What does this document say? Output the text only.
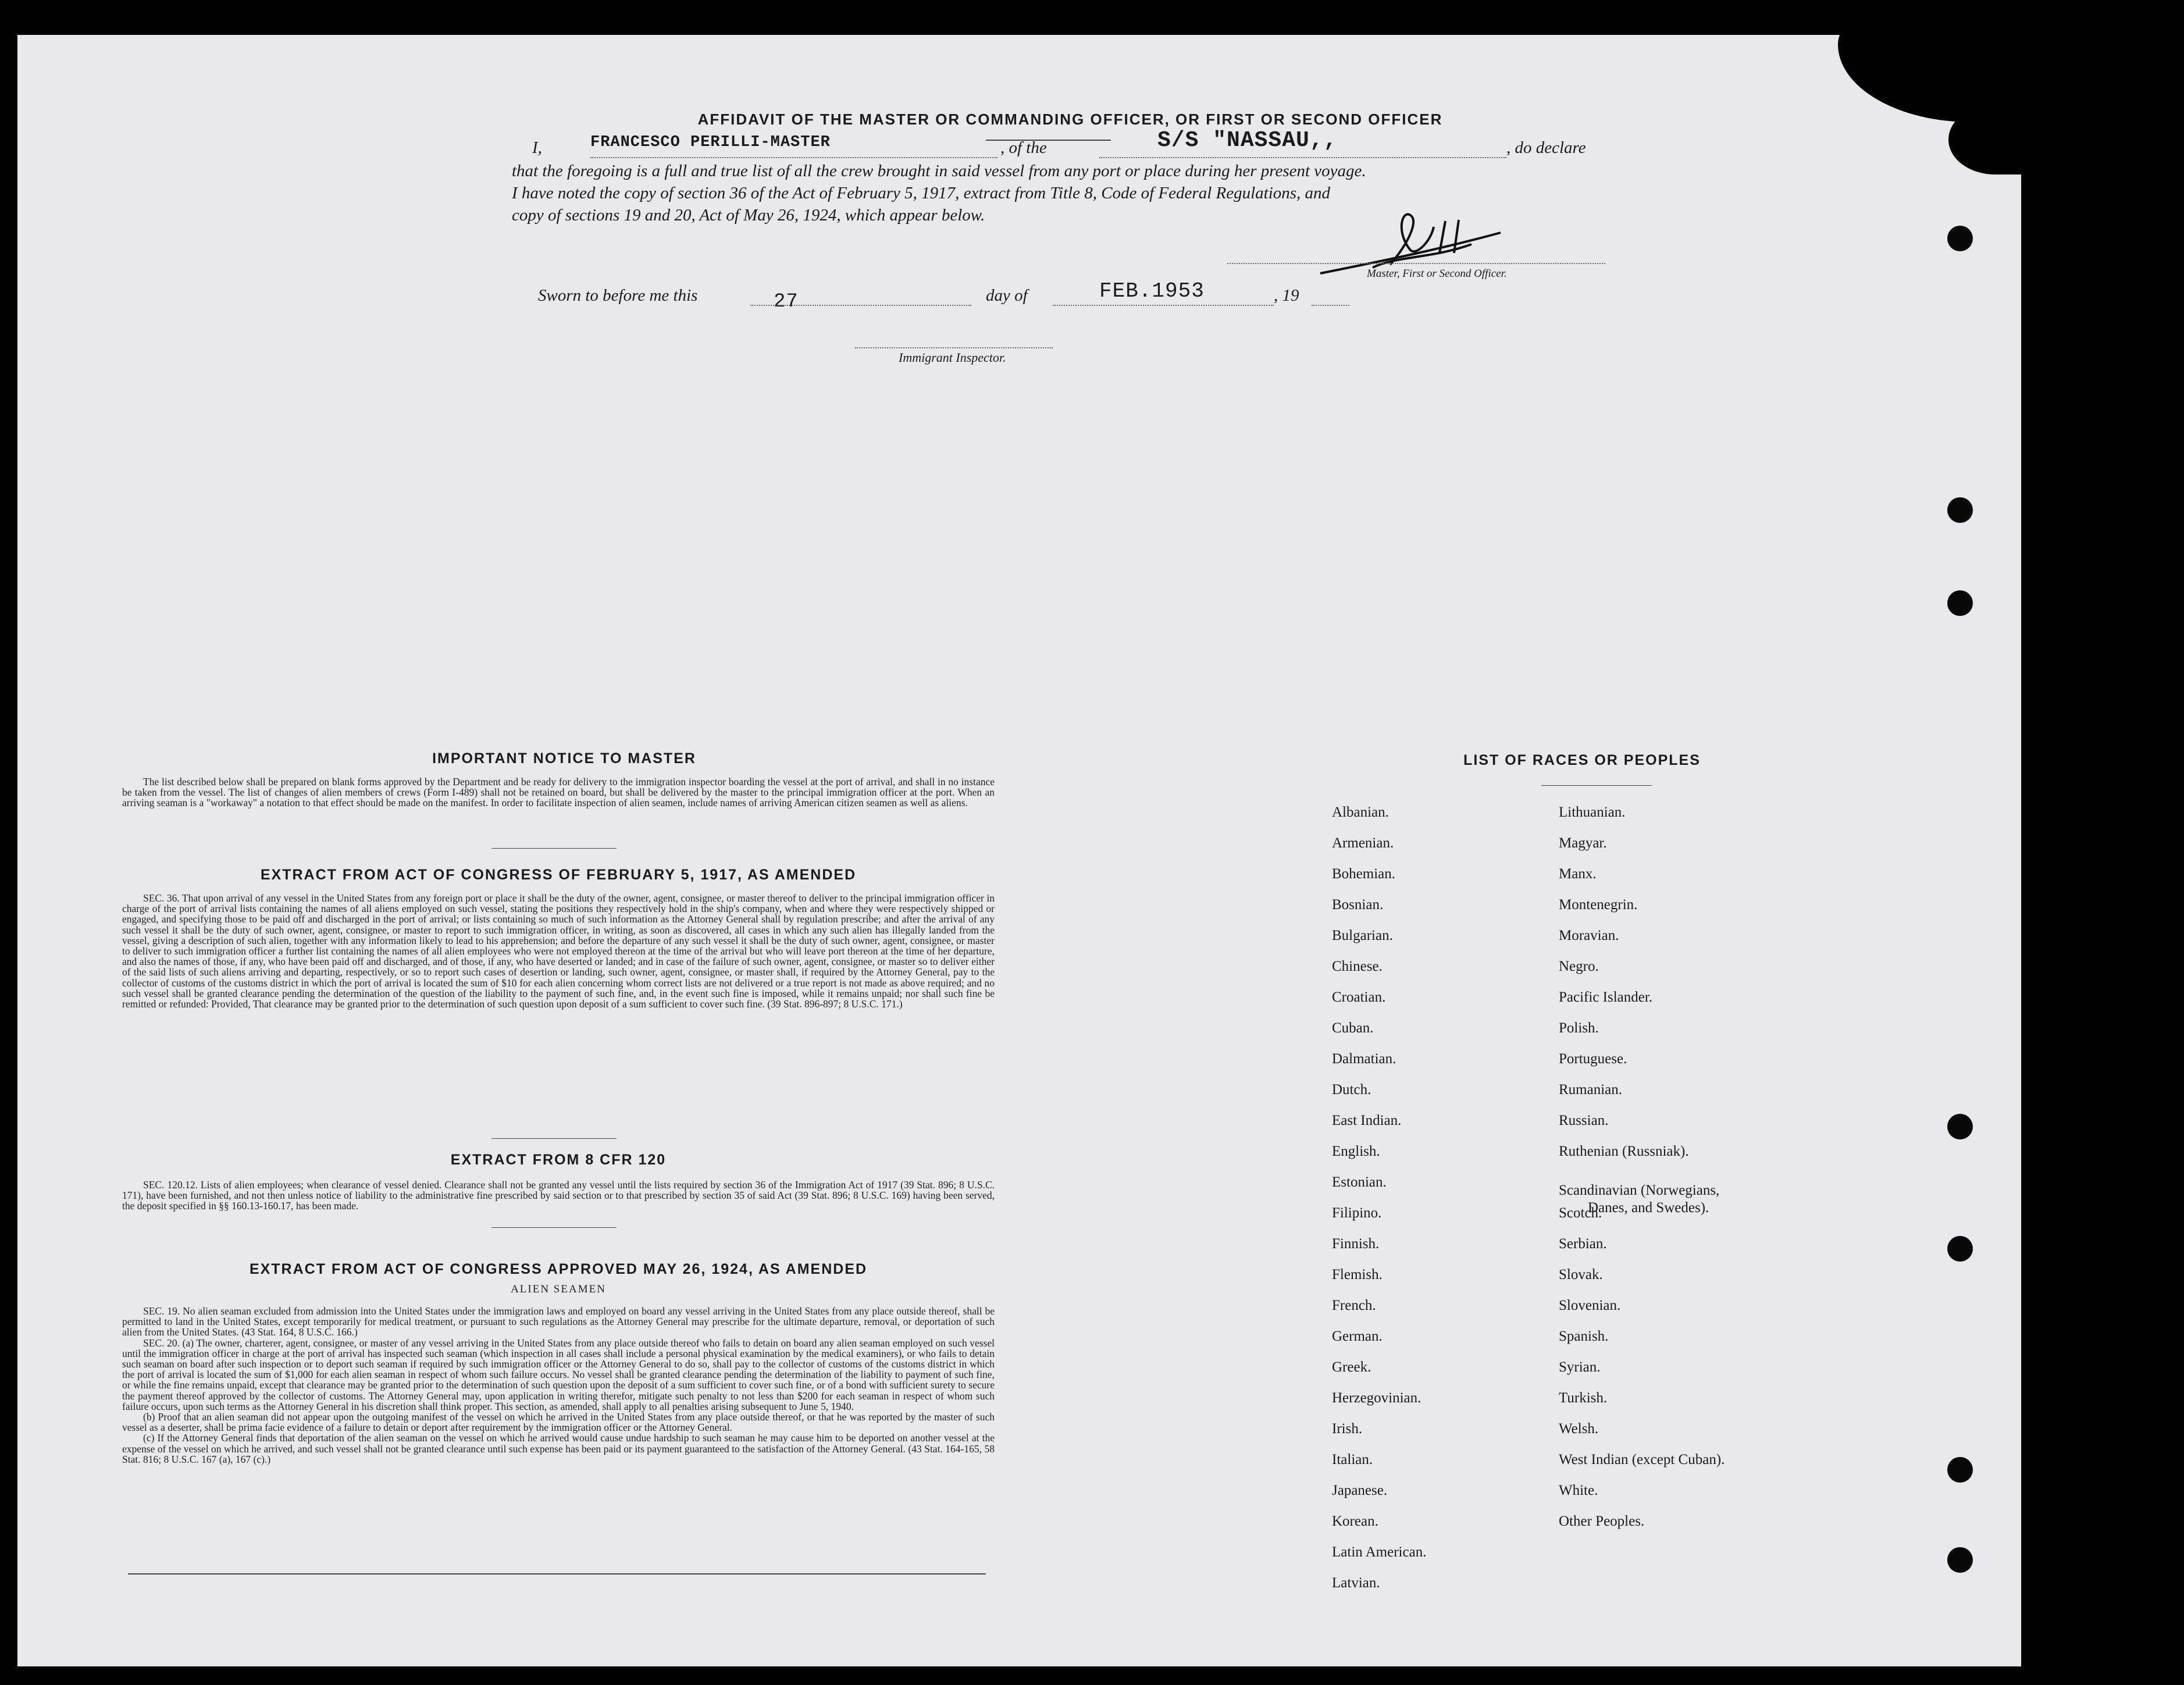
AFFIDAVIT OF THE MASTER OR COMMANDING OFFICER, OR FIRST OR SECOND OFFICER
I,	FRANCESCO PERILLI-MASTER	, of the	S/S "NASSAU,,	, do declare
that the foregoing is a full and true list of all the crew brought in said vessel from any port or place during her present voyage.
I have noted the copy of section 36 of the Act of February 5, 1917, extract from Title 8, Code of Federal Regulations, and
copy of sections 19 and 20, Act of May 26, 1924, which appear below.
Master, First or Second Officer.
Sworn to before me this	27	day of	FEB.1953	, 19
Immigrant Inspector.
IMPORTANT NOTICE TO MASTER

The list described below shall be prepared on blank forms approved by the Department and be ready for delivery to the immigration inspector boarding the vessel at the port of arrival, and shall in no instance be taken from the vessel. The list of changes of alien members of crews (Form I-489) shall not be retained on board, but shall be delivered by the master to the principal immigration officer at the port. When an arriving seaman is a "workaway" a notation to that effect should be made on the manifest. In order to facilitate inspection of alien seamen, include names of arriving American citizen seamen as well as aliens.

EXTRACT FROM ACT OF CONGRESS OF FEBRUARY 5, 1917, AS AMENDED

SEC. 36. That upon arrival of any vessel in the United States from any foreign port or place it shall be the duty of the owner, agent, consignee, or master thereof to deliver to the principal immigration officer in charge of the port of arrival lists containing the names of all aliens employed on such vessel, stating the positions they respectively hold in the ship's company, when and where they were respectively shipped or engaged, and specifying those to be paid off and discharged in the port of arrival; or lists containing so much of such information as the Attorney General shall by regulation prescribe; and after the arrival of any such vessel it shall be the duty of such owner, agent, consignee, or master to report to such immigration officer, in writing, as soon as discovered, all cases in which any such alien has illegally landed from the vessel, giving a description of such alien, together with any information likely to lead to his apprehension; and before the departure of any such vessel it shall be the duty of such owner, agent, consignee, or master to deliver to such immigration officer a further list containing the names of all alien employees who were not employed thereon at the time of the arrival but who will leave port thereon at the time of her departure, and also the names of those, if any, who have been paid off and discharged, and of those, if any, who have deserted or landed; and in case of the failure of such owner, agent, consignee, or master so to deliver either of the said lists of such aliens arriving and departing, respectively, or so to report such cases of desertion or landing, such owner, agent, consignee, or master shall, if required by the Attorney General, pay to the collector of customs of the customs district in which the port of arrival is located the sum of $10 for each alien concerning whom correct lists are not delivered or a true report is not made as above required; and no such vessel shall be granted clearance pending the determination of the question of the liability to the payment of such fine, and, in the event such fine is imposed, while it remains unpaid; nor shall such fine be remitted or refunded: Provided, That clearance may be granted prior to the determination of such question upon deposit of a sum sufficient to cover such fine. (39 Stat. 896-897; 8 U.S.C. 171.)

EXTRACT FROM 8 CFR 120

SEC. 120.12. Lists of alien employees; when clearance of vessel denied. Clearance shall not be granted any vessel until the lists required by section 36 of the Immigration Act of 1917 (39 Stat. 896; 8 U.S.C. 171), have been furnished, and not then unless notice of liability to the administrative fine prescribed by said section or to that prescribed by section 35 of said Act (39 Stat. 896; 8 U.S.C. 169) having been served, the deposit specified in §§ 160.13-160.17, has been made.

EXTRACT FROM ACT OF CONGRESS APPROVED MAY 26, 1924, AS AMENDED
ALIEN SEAMEN

SEC. 19. No alien seaman excluded from admission into the United States under the immigration laws and employed on board any vessel arriving in the United States from any place outside thereof, shall be permitted to land in the United States, except temporarily for medical treatment, or pursuant to such regulations as the Attorney General may prescribe for the ultimate departure, removal, or deportation of such alien from the United States. (43 Stat. 164, 8 U.S.C. 166.)

SEC. 20. (a) The owner, charterer, agent, consignee, or master of any vessel arriving in the United States from any place outside thereof who fails to detain on board any alien seaman employed on such vessel until the immigration officer in charge at the port of arrival has inspected such seaman (which inspection in all cases shall include a personal physical examination by the medical examiners), or who fails to detain such seaman on board after such inspection or to deport such seaman if required by such immigration officer or the Attorney General to do so, shall pay to the collector of customs of the customs district in which the port of arrival is located the sum of $1,000 for each alien seaman in respect of whom such failure occurs. No vessel shall be granted clearance pending the determination of the liability to payment of such fine, or while the fine remains unpaid, except that clearance may be granted prior to the determination of such question upon the deposit of a sum sufficient to cover such fine, or of a bond with sufficient surety to secure the payment thereof approved by the collector of customs. The Attorney General may, upon application in writing therefor, mitigate such penalty to not less than $200 for each seaman in respect of whom such failure occurs, upon such terms as the Attorney General in his discretion shall think proper. This section, as amended, shall apply to all penalties arising subsequent to June 5, 1940.

(b) Proof that an alien seaman did not appear upon the outgoing manifest of the vessel on which he arrived in the United States from any place outside thereof, or that he was reported by the master of such vessel as a deserter, shall be prima facie evidence of a failure to detain or deport after requirement by the immigration officer or the Attorney General.

(c) If the Attorney General finds that deportation of the alien seaman on the vessel on which he arrived would cause undue hardship to such seaman he may cause him to be deported on another vessel at the expense of the vessel on which he arrived, and such vessel shall not be granted clearance until such expense has been paid or its payment guaranteed to the satisfaction of the Attorney General. (43 Stat. 164-165, 58 Stat. 816; 8 U.S.C. 167 (a), 167 (c).)

LIST OF RACES OR PEOPLES
Albanian.
Armenian.
Bohemian.
Bosnian.
Bulgarian.
Chinese.
Croatian.
Cuban.
Dalmatian.
Dutch.
East Indian.
English.
Estonian.
Filipino.
Finnish.
Flemish.
French.
German.
Greek.
Herzegovinian.
Irish.
Italian.
Japanese.
Korean.
Latin American.
Latvian.
Lithuanian.
Magyar.
Manx.
Montenegrin.
Moravian.
Negro.
Pacific Islander.
Polish.
Portuguese.
Rumanian.
Russian.
Ruthenian (Russniak).
Scandinavian (Norwegians,
Danes, and Swedes).
Scotch.
Serbian.
Slovak.
Slovenian.
Spanish.
Syrian.
Turkish.
Welsh.
West Indian (except Cuban).
White.
Other Peoples.
